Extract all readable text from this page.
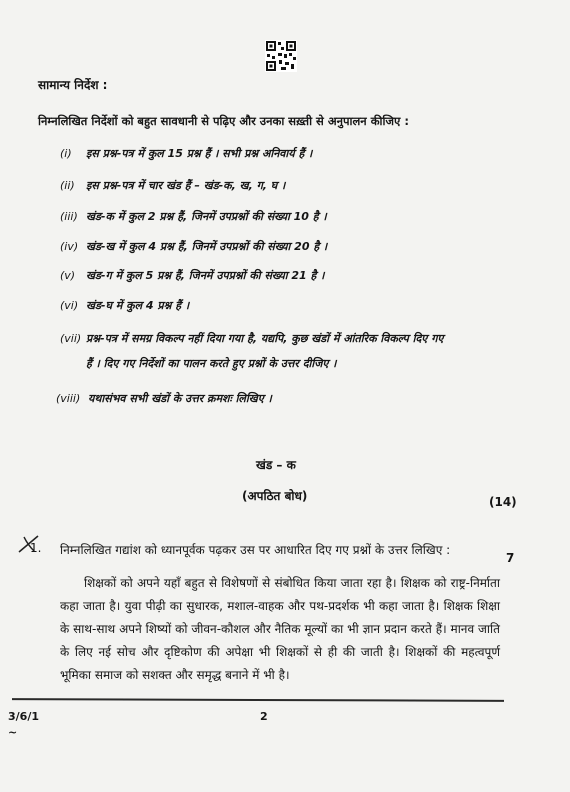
सामान्य निर्देश :
निम्नलिखित निर्देशों को बहुत सावधानी से पढ़िए और उनका सख़्ती से अनुपालन कीजिए :
(i) इस प्रश्न-पत्र में कुल 15 प्रश्न हैं । सभी प्रश्न अनिवार्य हैं ।
(ii) इस प्रश्न-पत्र में चार खंड हैं – खंड-क, ख, ग, घ ।
(iii) खंड-क में कुल 2 प्रश्न हैं, जिनमें उपप्रश्नों की संख्या 10 है ।
(iv) खंड-ख में कुल 4 प्रश्न हैं, जिनमें उपप्रश्नों की संख्या 20 है ।
(v) खंड-ग में कुल 5 प्रश्न हैं, जिनमें उपप्रश्नों की संख्या 21 है ।
(vi) खंड-घ में कुल 4 प्रश्न हैं ।
(vii) प्रश्न-पत्र में समग्र विकल्प नहीं दिया गया है, यद्यपि, कुछ खंडों में आंतरिक विकल्प दिए गए
हैं । दिए गए निर्देशों का पालन करते हुए प्रश्नों के उत्तर दीजिए ।
(viii) यथासंभव सभी खंडों के उत्तर क्रमशः लिखिए ।
खंड – क
(अपठित बोध)	(14)
1. निम्नलिखित गद्यांश को ध्यानपूर्वक पढ़कर उस पर आधारित दिए गए प्रश्नों के उत्तर लिखिए :
7
शिक्षकों को अपने यहाँ बहुत से विशेषणों से संबोधित किया जाता रहा है। शिक्षक को राष्ट्र-निर्माता कहा जाता है। युवा पीढ़ी का सुधारक, मशाल-वाहक और पथ-प्रदर्शक भी कहा जाता है। शिक्षक शिक्षा के साथ-साथ अपने शिष्यों को जीवन-कौशल और नैतिक मूल्यों का भी ज्ञान प्रदान करते हैं। मानव जाति के लिए नई सोच और दृष्टिकोण की अपेक्षा भी शिक्षकों से ही की जाती है। शिक्षकों की महत्वपूर्ण भूमिका समाज को सशक्त और समृद्ध बनाने में भी है।
3/6/1	2
~
